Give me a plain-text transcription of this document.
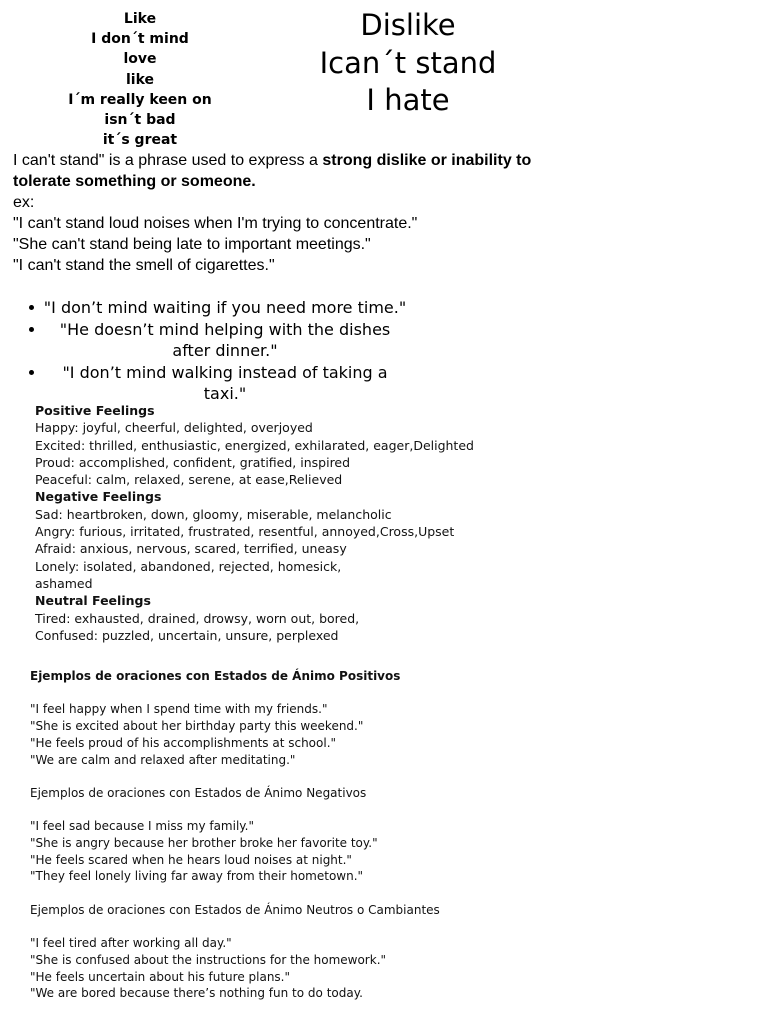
Like
I don´t mind
love
like
I´m really keen on
isn´t bad
it´s great
Dislike
Ican´t stand
I hate

I can't stand" is a phrase used to express a strong dislike or inability to tolerate something or someone.

ex:

"I can't stand loud noises when I'm trying to concentrate."

"She can't stand being late to important meetings."

"I can't stand the smell of cigarettes."

"I don’t mind waiting if you need more time."
"He doesn’t mind helping with the dishes after dinner."
"I don’t mind walking instead of taking a taxi."
Positive Feelings
Happy: joyful, cheerful, delighted, overjoyed
Excited: thrilled, enthusiastic, energized, exhilarated, eager,Delighted
Proud: accomplished, confident, gratified, inspired
Peaceful: calm, relaxed, serene, at ease,Relieved
Negative Feelings
Sad: heartbroken, down, gloomy, miserable, melancholic
Angry: furious, irritated, frustrated, resentful, annoyed,Cross,Upset
Afraid: anxious, nervous, scared, terrified, uneasy
Lonely: isolated, abandoned, rejected, homesick,
ashamed
Neutral Feelings
Tired: exhausted, drained, drowsy, worn out, bored,
Confused: puzzled, uncertain, unsure, perplexed
Ejemplos de oraciones con Estados de Ánimo Positivos
"I feel happy when I spend time with my friends."
"She is excited about her birthday party this weekend."
"He feels proud of his accomplishments at school."
"We are calm and relaxed after meditating."
Ejemplos de oraciones con Estados de Ánimo Negativos
"I feel sad because I miss my family."
"She is angry because her brother broke her favorite toy."
"He feels scared when he hears loud noises at night."
"They feel lonely living far away from their hometown."
Ejemplos de oraciones con Estados de Ánimo Neutros o Cambiantes
"I feel tired after working all day."
"She is confused about the instructions for the homework."
"He feels uncertain about his future plans."
"We are bored because there’s nothing fun to do today.
